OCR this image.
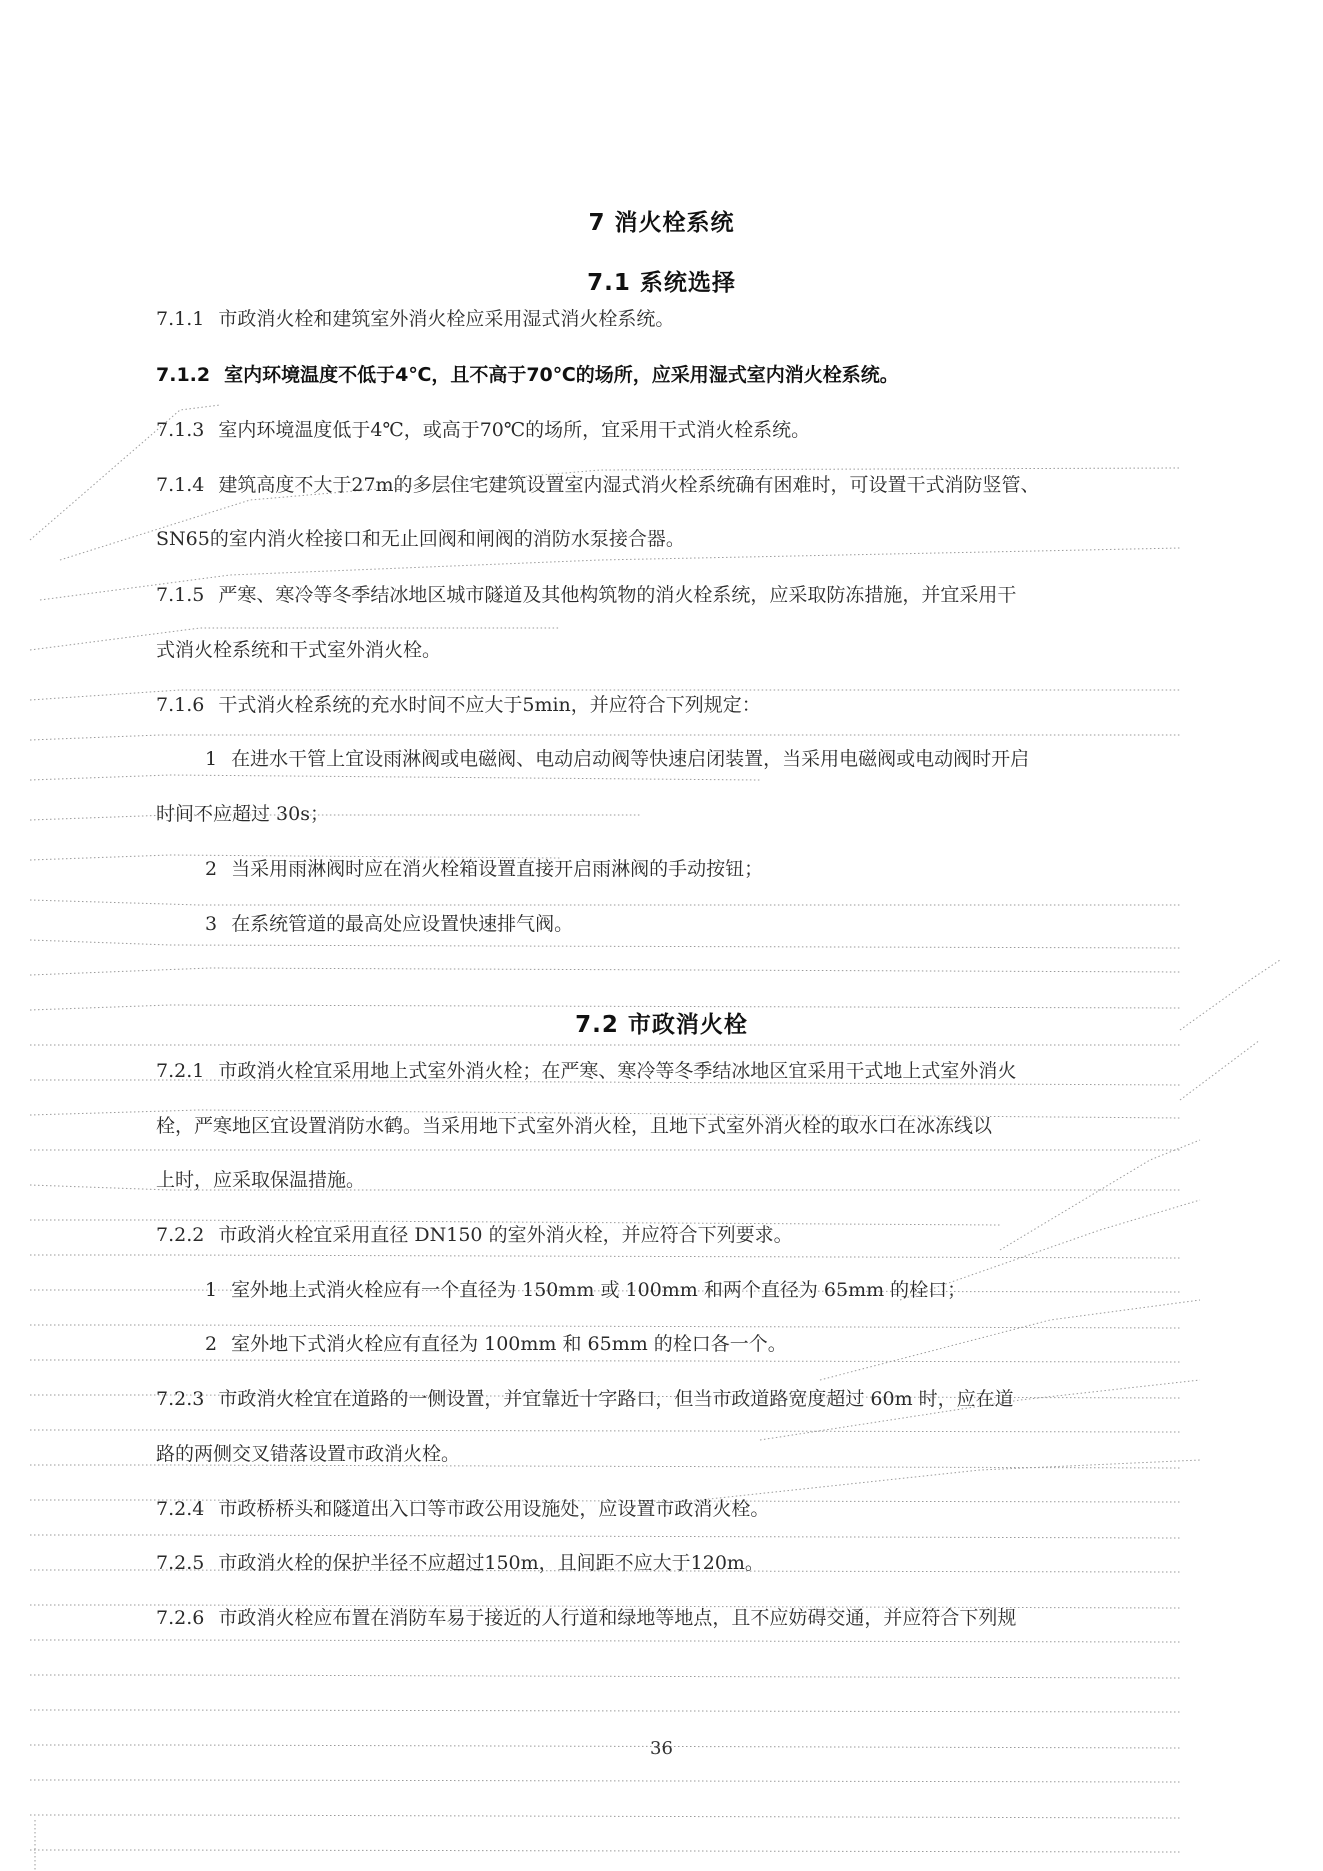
7 消火栓系统
7.1 系统选择
7.1.1 市政消火栓和建筑室外消火栓应采用湿式消火栓系统。
7.1.2 室内环境温度不低于4℃，且不高于70℃的场所，应采用湿式室内消火栓系统。
7.1.3 室内环境温度低于4℃，或高于70℃的场所，宜采用干式消火栓系统。
7.1.4 建筑高度不大于27m的多层住宅建筑设置室内湿式消火栓系统确有困难时，可设置干式消防竖管、
SN65的室内消火栓接口和无止回阀和闸阀的消防水泵接合器。
7.1.5 严寒、寒冷等冬季结冰地区城市隧道及其他构筑物的消火栓系统，应采取防冻措施，并宜采用干
式消火栓系统和干式室外消火栓。
7.1.6 干式消火栓系统的充水时间不应大于5min，并应符合下列规定：
1 在进水干管上宜设雨淋阀或电磁阀、电动启动阀等快速启闭装置，当采用电磁阀或电动阀时开启
时间不应超过 30s；
2 当采用雨淋阀时应在消火栓箱设置直接开启雨淋阀的手动按钮；
3 在系统管道的最高处应设置快速排气阀。
7.2 市政消火栓
7.2.1 市政消火栓宜采用地上式室外消火栓；在严寒、寒冷等冬季结冰地区宜采用干式地上式室外消火
栓，严寒地区宜设置消防水鹤。当采用地下式室外消火栓，且地下式室外消火栓的取水口在冰冻线以
上时，应采取保温措施。
7.2.2 市政消火栓宜采用直径 DN150 的室外消火栓，并应符合下列要求。
1 室外地上式消火栓应有一个直径为 150mm 或 100mm 和两个直径为 65mm 的栓口；
2 室外地下式消火栓应有直径为 100mm 和 65mm 的栓口各一个。
7.2.3 市政消火栓宜在道路的一侧设置，并宜靠近十字路口，但当市政道路宽度超过 60m 时，应在道
路的两侧交叉错落设置市政消火栓。
7.2.4 市政桥桥头和隧道出入口等市政公用设施处，应设置市政消火栓。
7.2.5 市政消火栓的保护半径不应超过150m，且间距不应大于120m。
7.2.6 市政消火栓应布置在消防车易于接近的人行道和绿地等地点，且不应妨碍交通，并应符合下列规
36
